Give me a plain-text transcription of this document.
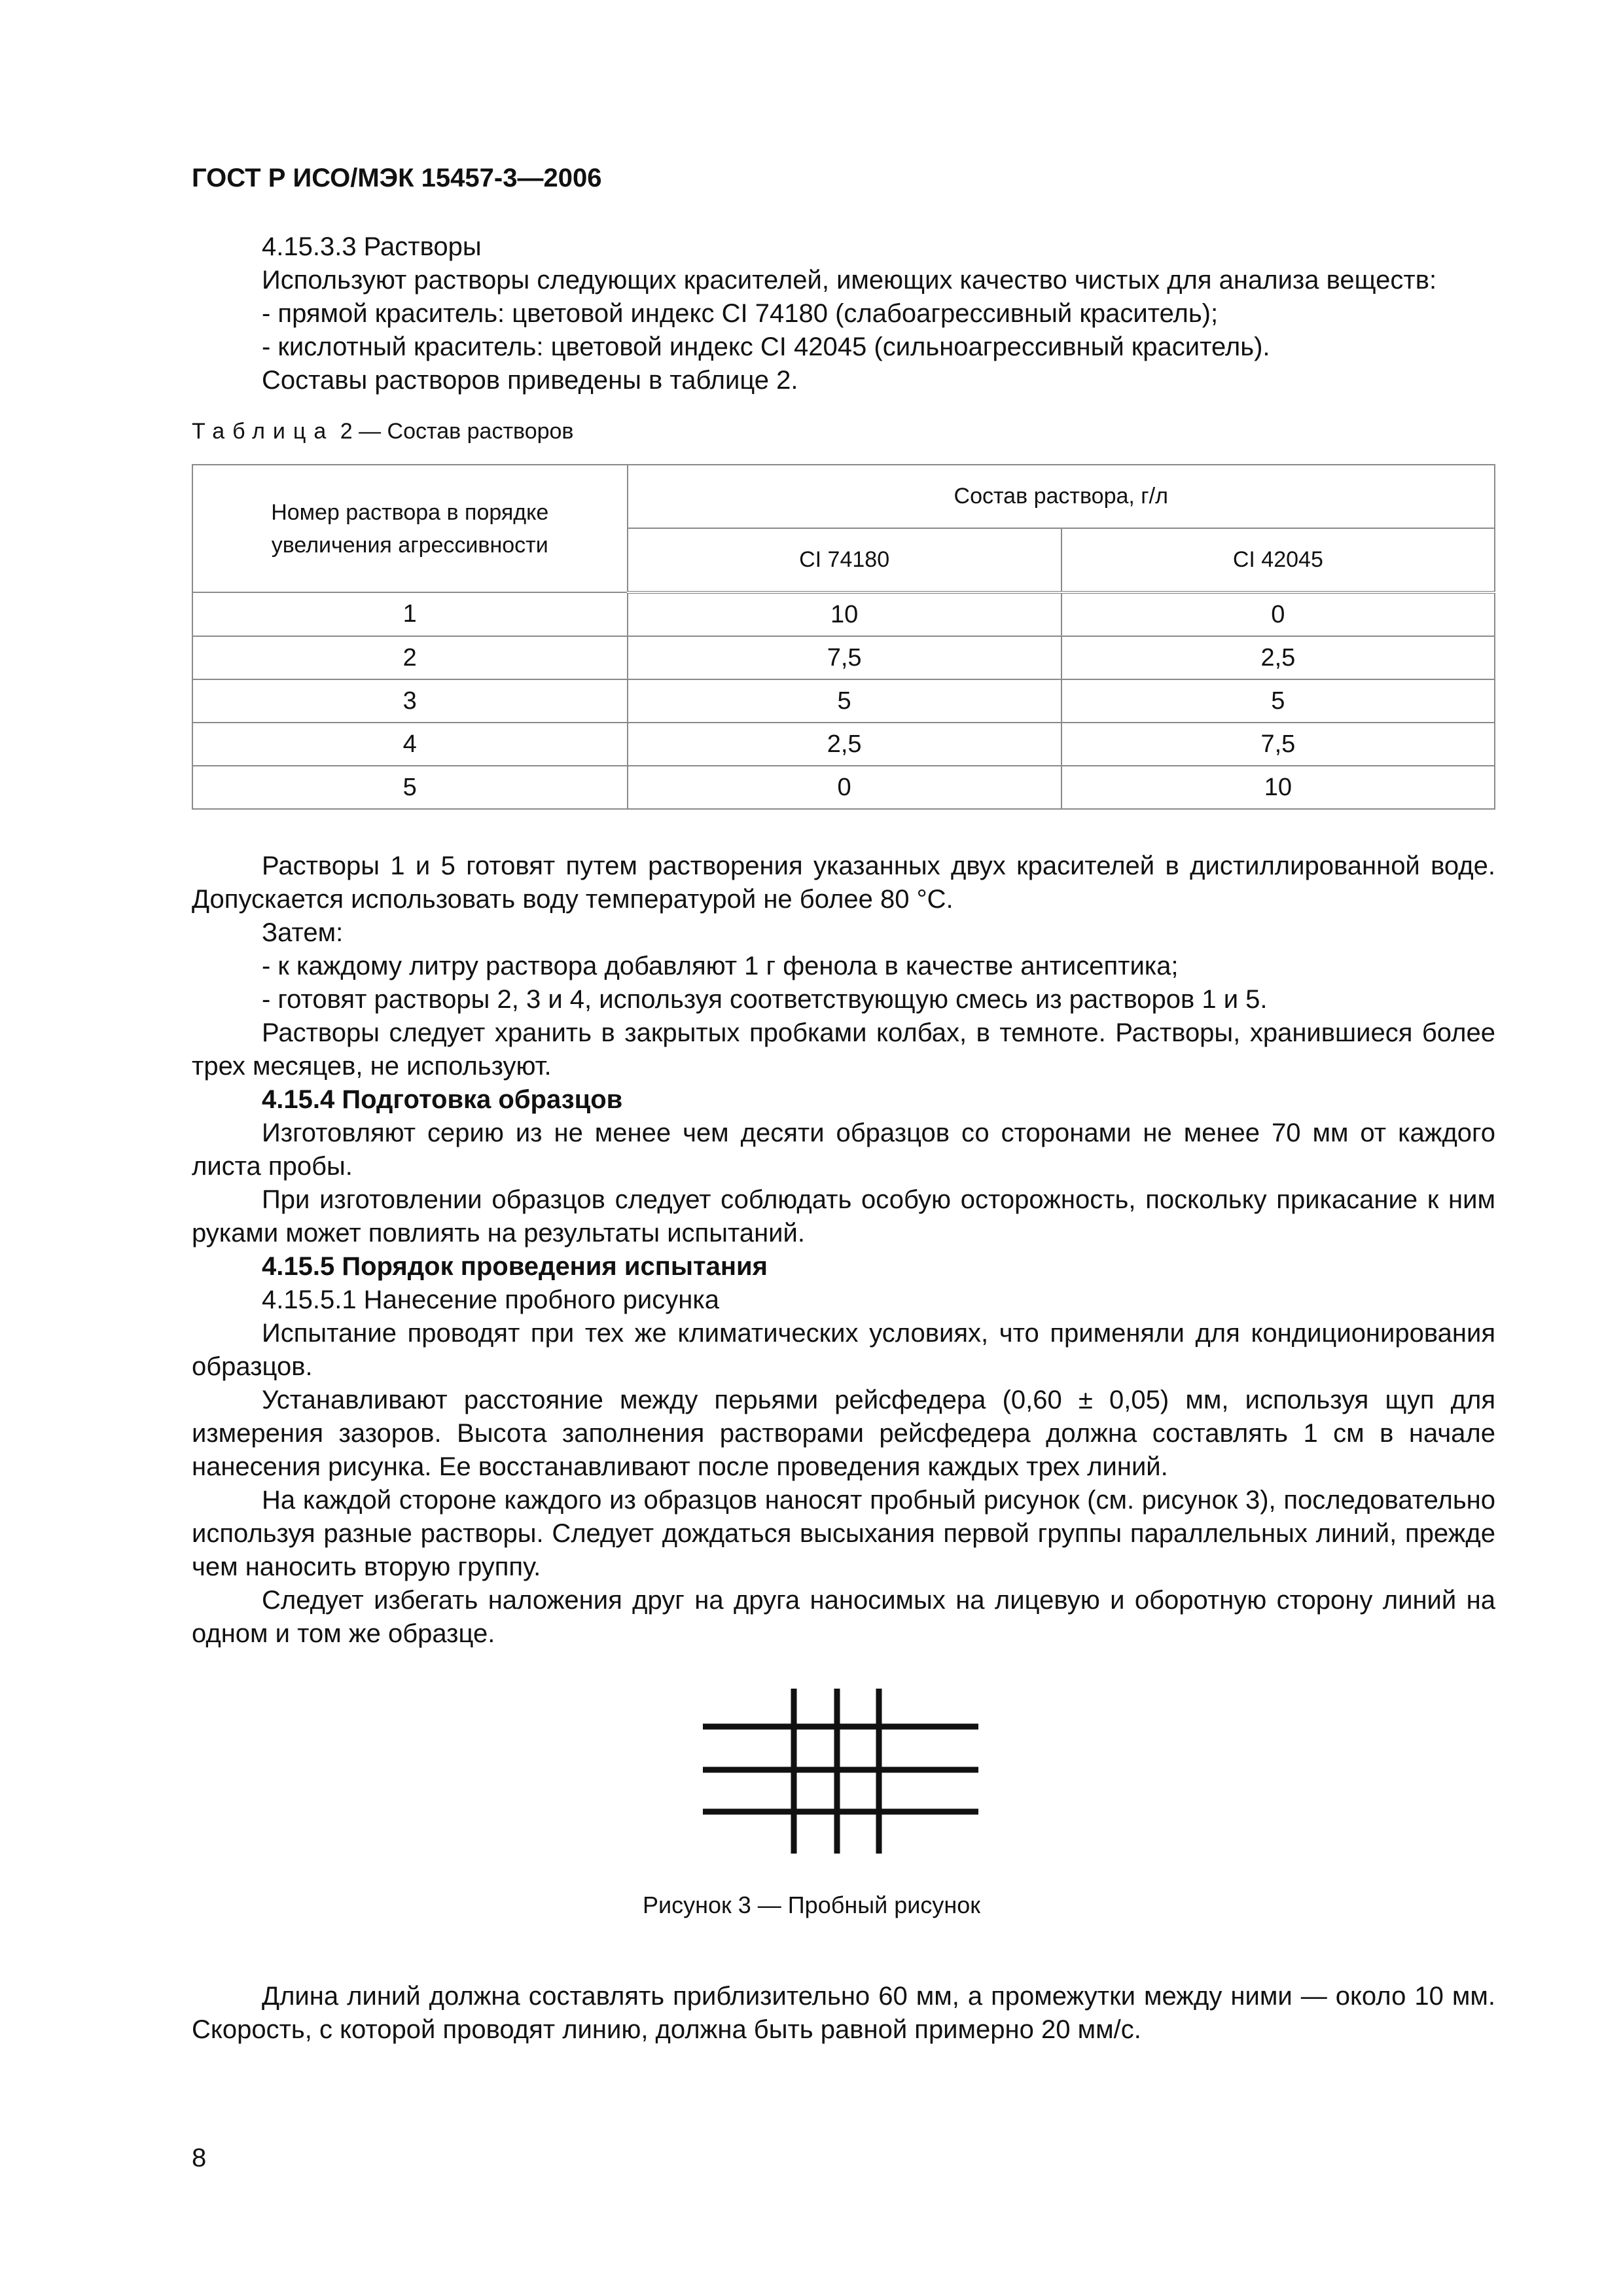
ГОСТ Р ИСО/МЭК 15457-3—2006
4.15.3.3 Растворы
Используют растворы следующих красителей, имеющих качество чистых для анализа веществ:
- прямой краситель: цветовой индекс CI 74180 (слабоагрессивный краситель);
- кислотный краситель: цветовой индекс CI 42045 (сильноагрессивный краситель).
Составы растворов приведены в таблице 2.
Таблица 2 — Состав растворов
Номер раствора в порядке увеличения агрессивности	Состав раствора, г/л	
	CI 74180	CI 42045
1	10	0
2	7,5	2,5
3	5	5
4	2,5	7,5
5	0	10
Растворы 1 и 5 готовят путем растворения указанных двух красителей в дистиллированной воде. Допускается использовать воду температурой не более 80 °С.
Затем:
- к каждому литру раствора добавляют 1 г фенола в качестве антисептика;
- готовят растворы 2, 3 и 4, используя соответствующую смесь из растворов 1 и 5.
Растворы следует хранить в закрытых пробками колбах, в темноте. Растворы, хранившиеся более трех месяцев, не используют.
4.15.4 Подготовка образцов
Изготовляют серию из не менее чем десяти образцов со сторонами не менее 70 мм от каждого листа пробы.
При изготовлении образцов следует соблюдать особую осторожность, поскольку прикасание к ним руками может повлиять на результаты испытаний.
4.15.5 Порядок проведения испытания
4.15.5.1 Нанесение пробного рисунка
Испытание проводят при тех же климатических условиях, что применяли для кондиционирования образцов.
Устанавливают расстояние между перьями рейсфедера (0,60 ± 0,05) мм, используя щуп для измерения зазоров. Высота заполнения растворами рейсфедера должна составлять 1 см в начале нанесения рисунка. Ее восстанавливают после проведения каждых трех линий.
На каждой стороне каждого из образцов наносят пробный рисунок (см. рисунок 3), последовательно используя разные растворы. Следует дождаться высыхания первой группы параллельных линий, прежде чем наносить вторую группу.
Следует избегать наложения друг на друга наносимых на лицевую и оборотную сторону линий на одном и том же образце.
Рисунок 3 — Пробный рисунок
Длина линий должна составлять приблизительно 60 мм, а промежутки между ними — около 10 мм. Скорость, с которой проводят линию, должна быть равной примерно 20 мм/с.
8
